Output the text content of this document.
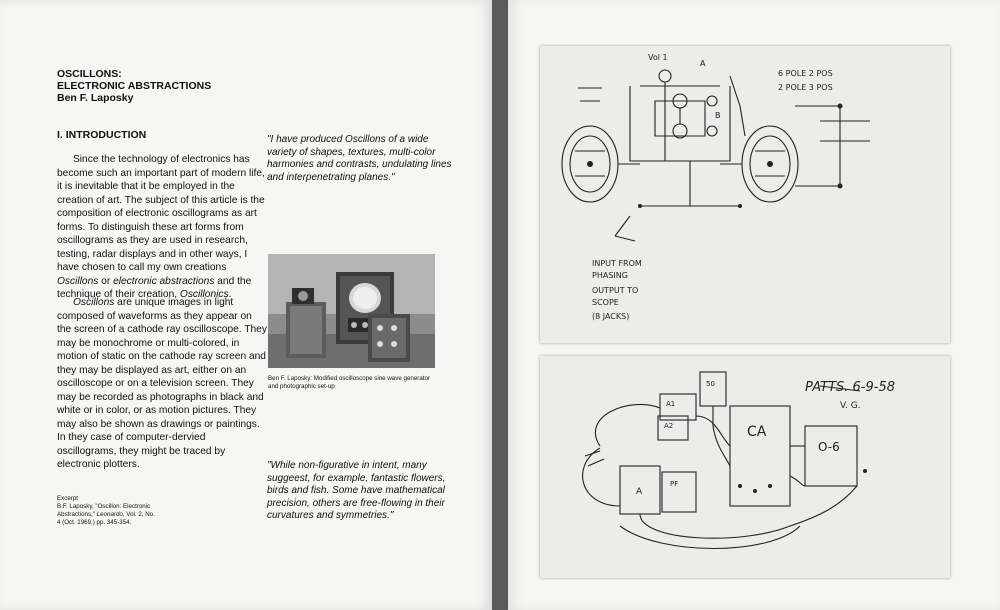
OSCILLONS:
ELECTRONIC ABSTRACTIONS
Ben F. Laposky
I. INTRODUCTION

Since the technology of electronics has become such an important part of modern life, it is inevitable that it be employed in the creation of art. The subject of this article is the composition of electronic oscillograms as art forms. To distinguish these art forms from oscillograms as they are used in research, testing, radar displays and in other ways, I have chosen to call my own creations Oscillons or electronic abstractions and the technique of their creation, Oscillonics.

Oscillons are unique images in light composed of waveforms as they appear on the screen of a cathode ray oscilloscope. They may be monochrome or multi-colored, in motion of static on the cathode ray screen and they may be displayed as art, either on an oscilloscope or on a television screen. They may be recorded as photographs in black and white or in color, or as motion pictures. They may also be shown as drawings or paintings. In they case of computer-dervied oscillograms, they might be traced by electronic plotters.

"I have produced Oscillons of a wide variety of shapes, textures, multi-color harmonies and contrasts, undulating lines and interpenetrating planes."

Ben F. Laposky: Modified oscilloscope sine wave generator and photographic set-up

"While non-figurative in intent, many suggeest, for example, fantastic flowers, birds and fish. Some have mathematical precision, others are free-flowing in their curvatures and symmetries."

Excerpt
B.F. Laposky, "Oscillon: Electronic Abstractions," Leonardo, Vol. 2, No. 4 (Oct. 1969.) pp. 345-354.
Vol 1
A
B
6 POLE 2 POS
2 POLE 3 POS
INPUT FROM
PHASING
OUTPUT TO
SCOPE
(8 JACKS)
PATTS. 6-9-58
V. G.
CA
O-6
50
A1
A2
A
PF
